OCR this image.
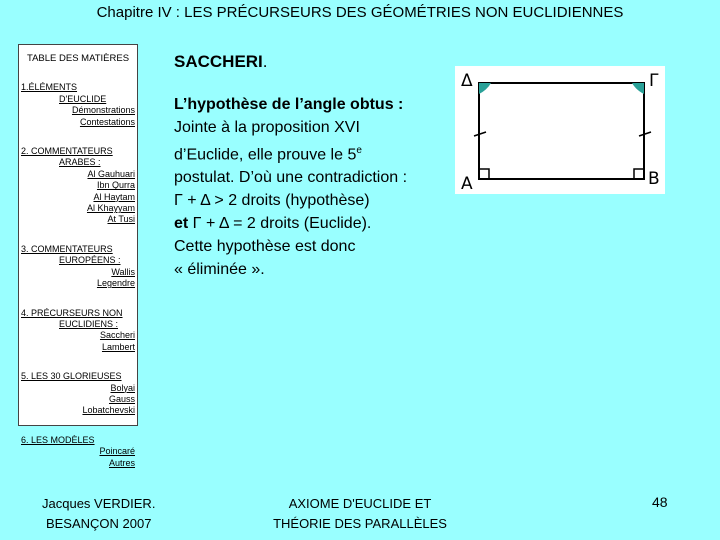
Chapitre IV : LES PRÉCURSEURS DES GÉOMÉTRIES NON EUCLIDIENNES
TABLE DES MATIÈRES
1.ÉLÉMENTS
D'EUCLIDE
Démonstrations
Contestations
2. COMMENTATEURS
ARABES :
Al Gauhuari
Ibn Qurra
Al Haytam
Al Khayyam
At Tusi
3. COMMENTATEURS
EUROPÉENS :
Wallis
Legendre
4. PRÉCURSEURS NON
EUCLIDIENS :
Saccheri
Lambert
5. LES 30 GLORIEUSES
Bolyai
Gauss
Lobatchevski
6. LES MODÈLES
Poincaré
Autres
SACCHERI.
L’hypothèse de l’angle obtus :
Jointe à la proposition XVI
d’Euclide, elle prouve le 5e
postulat. D’où une contradiction :
Γ + Δ > 2 droits (hypothèse)
et Γ + Δ = 2 droits (Euclide).
Cette hypothèse est donc
« éliminée ».
Δ	Γ
A	B
Jacques VERDIER.
BESANÇON 2007
AXIOME D'EUCLIDE ET
THÉORIE DES PARALLÈLES
48
